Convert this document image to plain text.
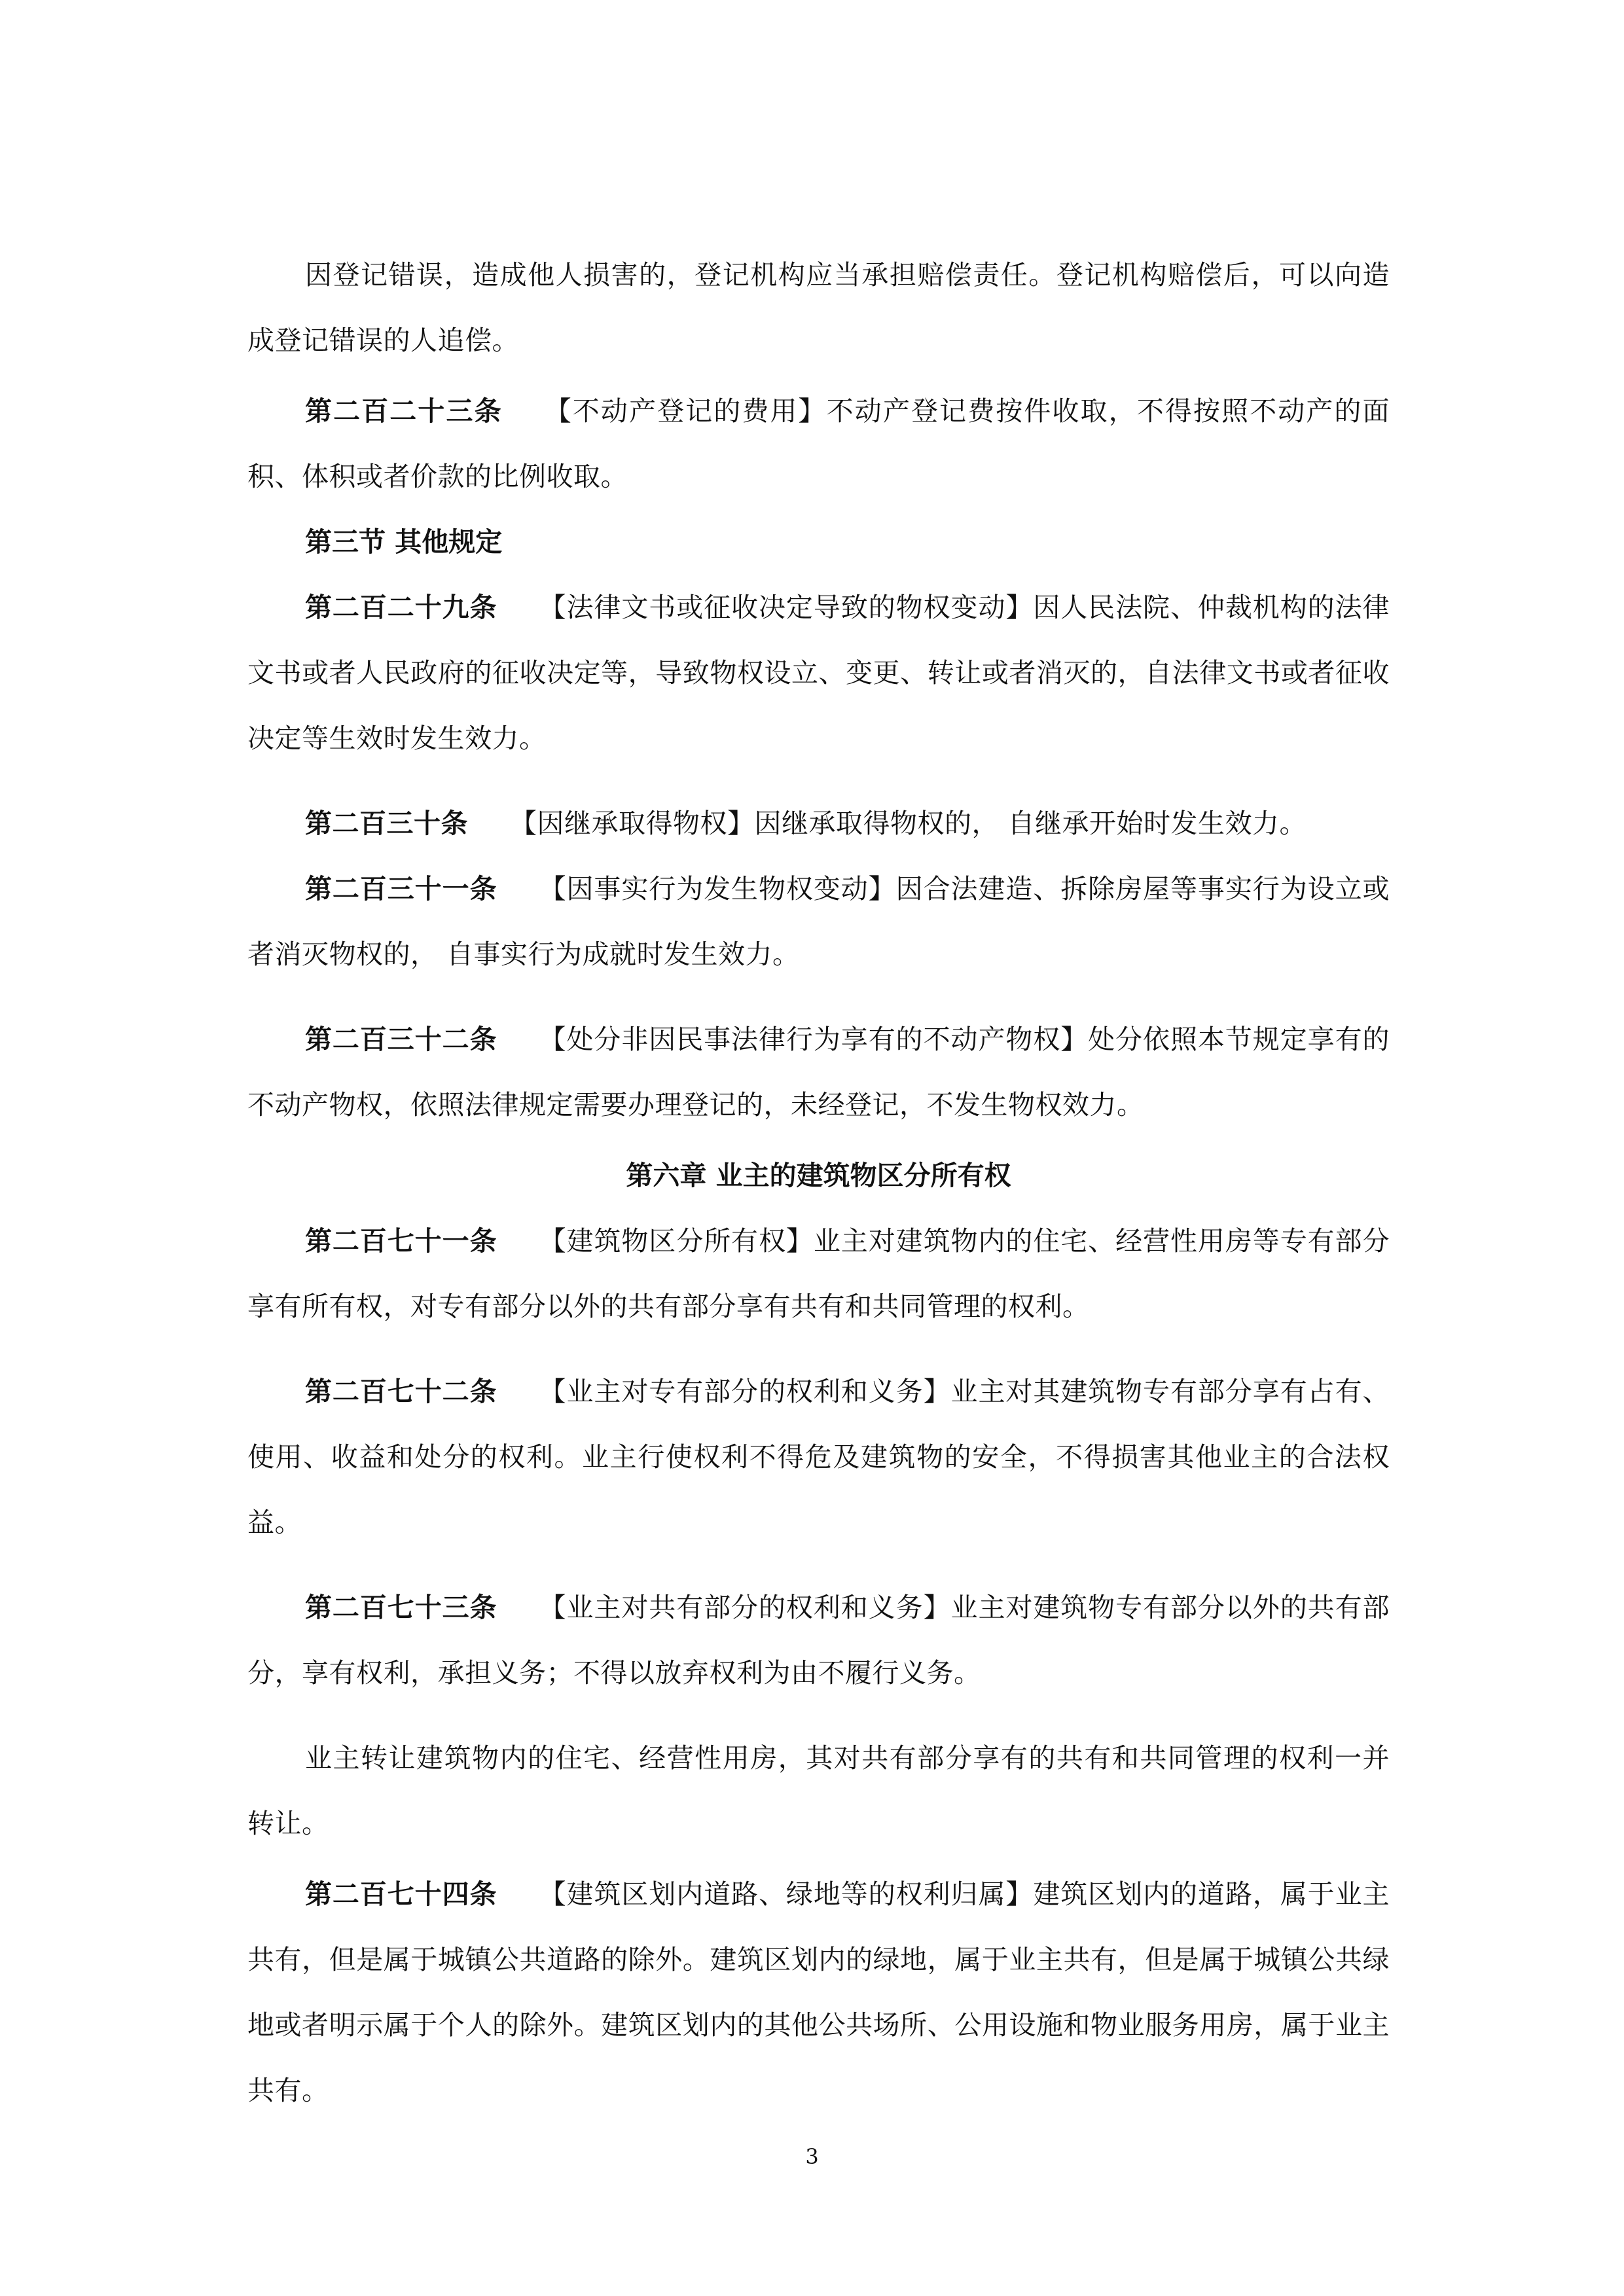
因登记错误，造成他人损害的，登记机构应当承担赔偿责任。登记机构赔偿后，可以向造成登记错误的人追偿。

第二百二十三条 【不动产登记的费用】不动产登记费按件收取，不得按照不动产的面积、体积或者价款的比例收取。

第三节 其他规定

第二百二十九条 【法律文书或征收决定导致的物权变动】因人民法院、仲裁机构的法律文书或者人民政府的征收决定等，导致物权设立、变更、转让或者消灭的，自法律文书或者征收决定等生效时发生效力。

第二百三十条 【因继承取得物权】因继承取得物权的， 自继承开始时发生效力。

第二百三十一条 【因事实行为发生物权变动】因合法建造、拆除房屋等事实行为设立或者消灭物权的， 自事实行为成就时发生效力。

第二百三十二条 【处分非因民事法律行为享有的不动产物权】处分依照本节规定享有的不动产物权，依照法律规定需要办理登记的，未经登记，不发生物权效力。

第六章 业主的建筑物区分所有权

第二百七十一条 【建筑物区分所有权】业主对建筑物内的住宅、经营性用房等专有部分享有所有权，对专有部分以外的共有部分享有共有和共同管理的权利。

第二百七十二条 【业主对专有部分的权利和义务】业主对其建筑物专有部分享有占有、使用、收益和处分的权利。业主行使权利不得危及建筑物的安全，不得损害其他业主的合法权益。

第二百七十三条 【业主对共有部分的权利和义务】业主对建筑物专有部分以外的共有部分，享有权利，承担义务；不得以放弃权利为由不履行义务。

业主转让建筑物内的住宅、经营性用房，其对共有部分享有的共有和共同管理的权利一并转让。

第二百七十四条 【建筑区划内道路、绿地等的权利归属】建筑区划内的道路，属于业主共有，但是属于城镇公共道路的除外。建筑区划内的绿地，属于业主共有，但是属于城镇公共绿地或者明示属于个人的除外。建筑区划内的其他公共场所、公用设施和物业服务用房，属于业主共有。

3
